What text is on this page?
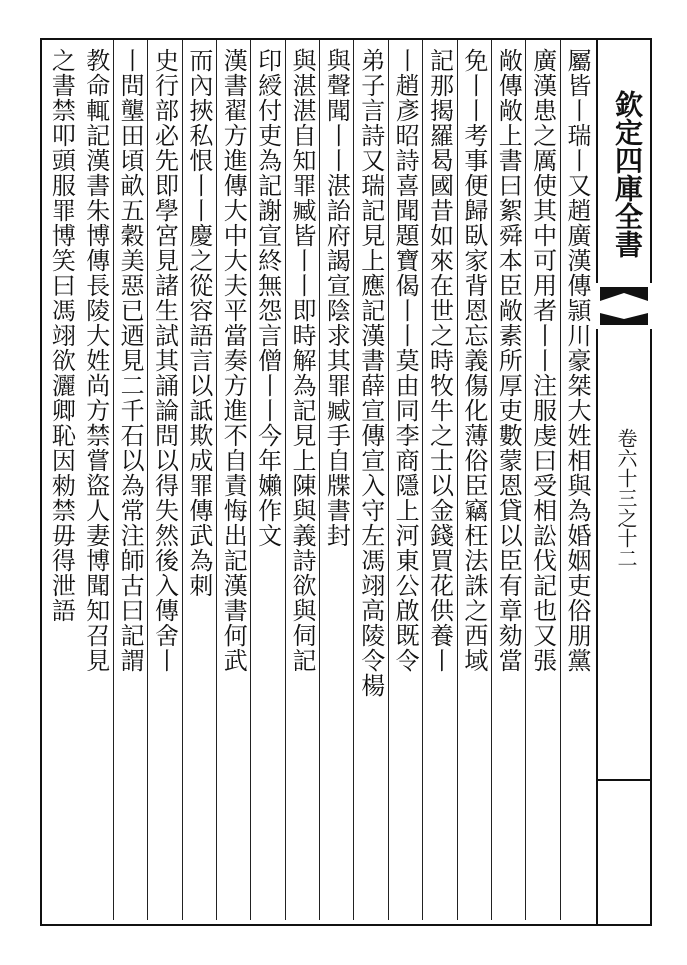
欽定四庫全書
卷六十三之十二
屬皆丨瑞丨又趙廣漢傳頴川豪桀大姓相與為婚姻吏俗朋黨
廣漢患之厲使其中可用者丨丨注服虔曰受相訟伐記也又張
敞傳敞上書曰絮舜本臣敞素所厚吏數蒙恩貸以臣有章劾當
免丨丨考事便歸臥家背恩忘義傷化薄俗臣竊枉法誅之西域
記那揭羅曷國昔如來在世之時牧牛之士以金錢買花供養丨
丨趙彥昭詩喜聞題寶偈丨丨莫由同李商隱上河東公啟既令
弟子言詩又瑞記見上應記漢書薛宣傳宣入守左馮翊高陵令楊
與聲聞丨丨湛詒府謁宣陰求其罪臧手自牒書封
與湛湛自知罪臧皆丨丨即時解為記見上陳與義詩欲與伺記
印綬付吏為記謝宣終無怨言僧丨丨今年嬾作文
漢書翟方進傳大中大夫平當奏方進不自責悔出記漢書何武
而內挾私恨丨丨慶之從容語言以詆欺成罪傳武為刺
史行部必先即學宮見諸生試其誦論問以得失然後入傳舍丨
丨問壟田頃畝五穀美惡已迺見二千石以為常注師古曰記謂
教命輒記漢書朱博傳長陵大姓尚方禁嘗盜人妻博聞知召見
之書禁叩頭服罪博笑曰馮翊欲灑卿恥因勑禁毋得泄語
